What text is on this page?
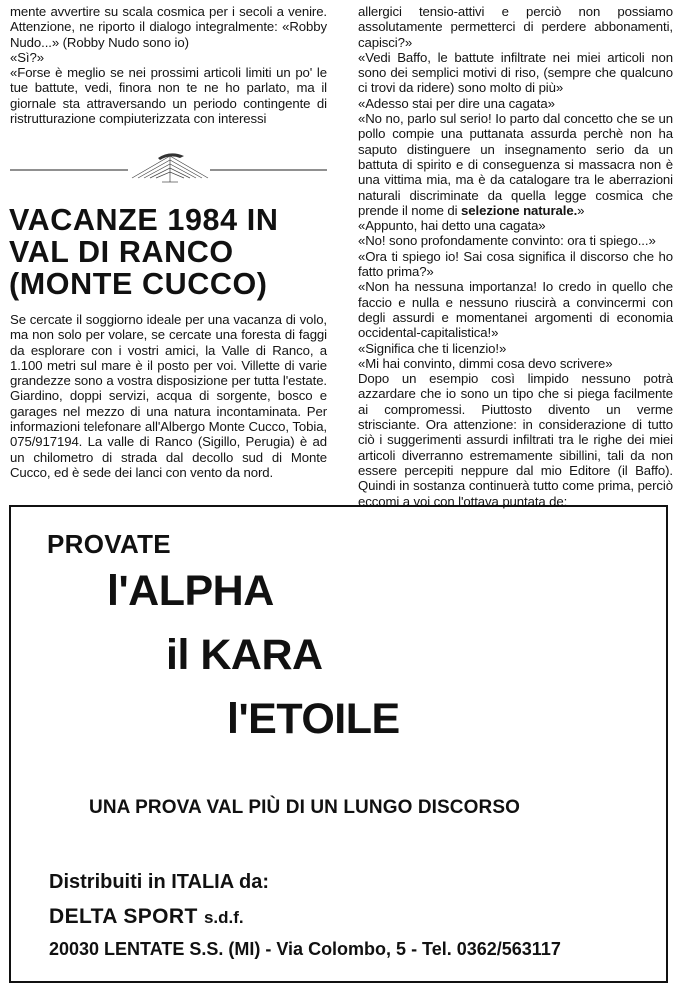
mente avvertire su scala cosmica per i secoli a venire. Attenzione, ne riporto il dialogo integralmente: «Robby Nudo...» (Robby Nudo sono io)

«Sì?»

«Forse è meglio se nei prossimi articoli limiti un po' le tue battute, vedi, finora non te ne ho parlato, ma il giornale sta attraversando un periodo contingente di ristrutturazione compiuterizzata con interessi

VACANZE 1984 IN
VAL DI RANCO
(MONTE CUCCO)

Se cercate il soggiorno ideale per una vacanza di volo, ma non solo per volare, se cercate una foresta di faggi da esplorare con i vostri amici, la Valle di Ranco, a 1.100 metri sul mare è il posto per voi. Villette di varie grandezze sono a vostra disposizione per tutta l'estate. Giardino, doppi servizi, acqua di sorgente, bosco e garages nel mezzo di una natura incontaminata. Per informazioni telefonare all'Albergo Monte Cucco, Tobia, 075/917194. La valle di Ranco (Sigillo, Perugia) è ad un chilometro di strada dal decollo sud di Monte Cucco, ed è sede dei lanci con vento da nord.

allergici tensio-attivi e perciò non possiamo assolutamente permetterci di perdere abbonamenti, capisci?»

«Vedi Baffo, le battute infiltrate nei miei articoli non sono dei semplici motivi di riso, (sempre che qualcuno ci trovi da ridere) sono molto di più»

«Adesso stai per dire una cagata»

«No no, parlo sul serio! Io parto dal concetto che se un pollo compie una puttanata assurda perchè non ha saputo distinguere un insegnamento serio da un battuta di spirito e di conseguenza si massacra non è una vittima mia, ma è da catalogare tra le aberrazioni naturali discriminate da quella legge cosmica che prende il nome di selezione naturale.»

«Appunto, hai detto una cagata»

«No! sono profondamente convinto: ora ti spiego...»

«Ora ti spiego io! Sai cosa significa il discorso che ho fatto prima?»

«Non ha nessuna importanza! Io credo in quello che faccio e nulla e nessuno riuscirà a convincermi con degli assurdi e momentanei argomenti di economia occidental-capitalistica!»

«Significa che ti licenzio!»

«Mi hai convinto, dimmi cosa devo scrivere»

Dopo un esempio così limpido nessuno potrà azzardare che io sono un tipo che si piega facilmente ai compromessi. Piuttosto divento un verme strisciante. Ora attenzione: in considerazione di tutto ciò i suggerimenti assurdi infiltrati tra le righe dei miei articoli diverranno estremamente sibillini, tali da non essere percepiti neppure dal mio Editore (il Baffo). Quindi in sostanza continuerà tutto come prima, perciò eccomi a voi con l'ottava puntata de:

PROVATE
l'ALPHA
il KARA
l'ETOILE
UNA PROVA VAL PIÙ DI UN LUNGO DISCORSO
Distribuiti in ITALIA da:
DELTA SPORT s.d.f.
20030 LENTATE S.S. (MI) - Via Colombo, 5 - Tel. 0362/563117
